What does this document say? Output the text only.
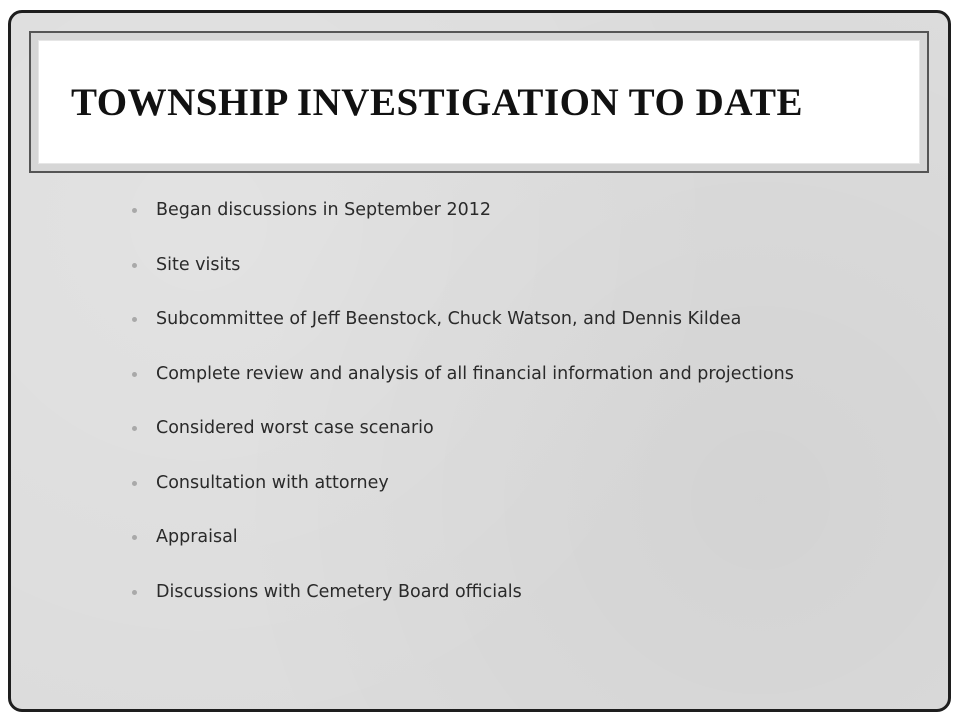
TOWNSHIP INVESTIGATION TO DATE
Began discussions in September 2012
Site visits
Subcommittee of Jeff Beenstock, Chuck Watson, and Dennis Kildea
Complete review and analysis of all financial information and projections
Considered worst case scenario
Consultation with attorney
Appraisal
Discussions with Cemetery Board officials
